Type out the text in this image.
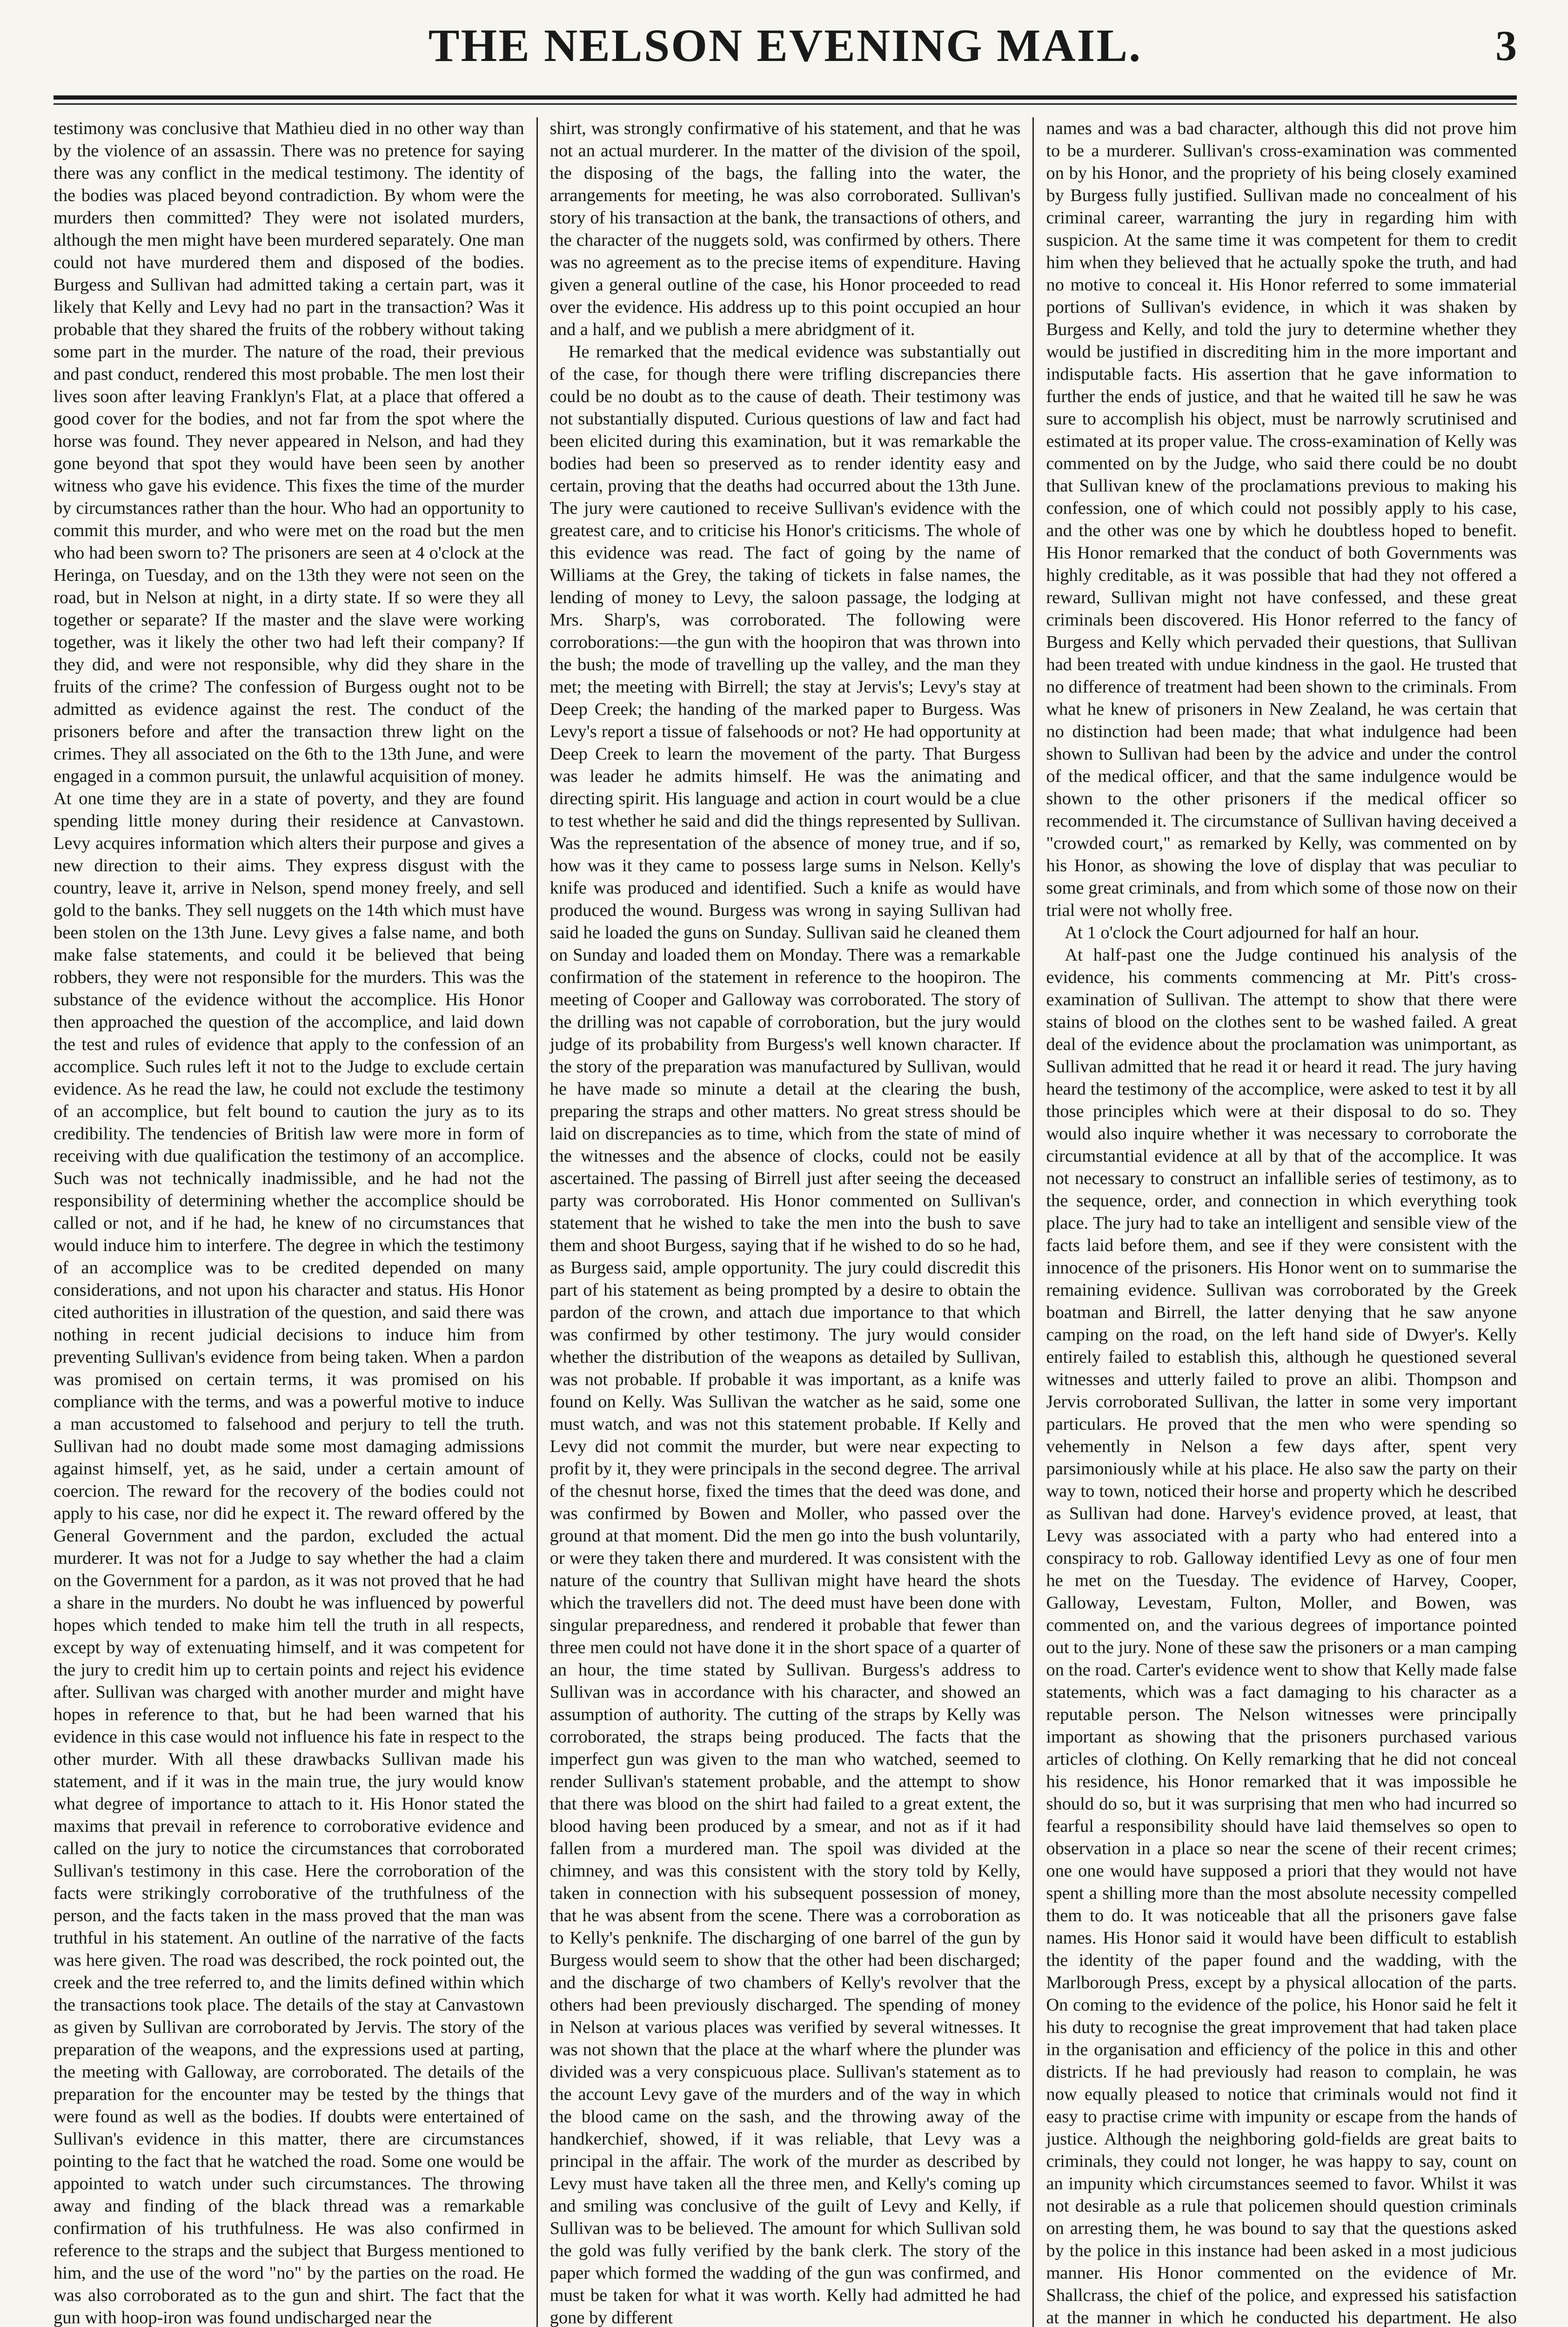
THE NELSON EVENING MAIL.	3

testimony was conclusive that Mathieu died in no other way than by the violence of an assassin. There was no pretence for saying there was any conflict in the medical testimony. The identity of the bodies was placed beyond contradiction. By whom were the murders then committed? They were not isolated murders, although the men might have been murdered separately. One man could not have murdered them and disposed of the bodies. Burgess and Sullivan had admitted taking a certain part, was it likely that Kelly and Levy had no part in the transaction? Was it probable that they shared the fruits of the robbery without taking some part in the murder. The nature of the road, their previous and past conduct, rendered this most probable. The men lost their lives soon after leaving Franklyn's Flat, at a place that offered a good cover for the bodies, and not far from the spot where the horse was found. They never appeared in Nelson, and had they gone beyond that spot they would have been seen by another witness who gave his evidence. This fixes the time of the murder by circumstances rather than the hour. Who had an opportunity to commit this murder, and who were met on the road but the men who had been sworn to? The prisoners are seen at 4 o'clock at the Heringa, on Tuesday, and on the 13th they were not seen on the road, but in Nelson at night, in a dirty state. If so were they all together or separate? If the master and the slave were working together, was it likely the other two had left their company? If they did, and were not responsible, why did they share in the fruits of the crime? The confession of Burgess ought not to be admitted as evidence against the rest. The conduct of the prisoners before and after the transaction threw light on the crimes. They all associated on the 6th to the 13th June, and were engaged in a common pursuit, the unlawful acquisition of money. At one time they are in a state of poverty, and they are found spending little money during their residence at Canvastown. Levy acquires information which alters their purpose and gives a new direction to their aims. They express disgust with the country, leave it, arrive in Nelson, spend money freely, and sell gold to the banks. They sell nuggets on the 14th which must have been stolen on the 13th June. Levy gives a false name, and both make false statements, and could it be believed that being robbers, they were not responsible for the murders. This was the substance of the evidence without the accomplice. His Honor then approached the question of the accomplice, and laid down the test and rules of evidence that apply to the confession of an accomplice. Such rules left it not to the Judge to exclude certain evidence. As he read the law, he could not exclude the testimony of an accomplice, but felt bound to caution the jury as to its credibility. The tendencies of British law were more in form of receiving with due qualification the testimony of an accomplice. Such was not technically inadmissible, and he had not the responsibility of determining whether the accomplice should be called or not, and if he had, he knew of no circumstances that would induce him to interfere. The degree in which the testimony of an accomplice was to be credited depended on many considerations, and not upon his character and status. His Honor cited authorities in illustration of the question, and said there was nothing in recent judicial decisions to induce him from preventing Sullivan's evidence from being taken. When a pardon was promised on certain terms, it was promised on his compliance with the terms, and was a powerful motive to induce a man accustomed to falsehood and perjury to tell the truth. Sullivan had no doubt made some most damaging admissions against himself, yet, as he said, under a certain amount of coercion. The reward for the recovery of the bodies could not apply to his case, nor did he expect it. The reward offered by the General Government and the pardon, excluded the actual murderer. It was not for a Judge to say whether the had a claim on the Government for a pardon, as it was not proved that he had a share in the murders. No doubt he was influenced by powerful hopes which tended to make him tell the truth in all respects, except by way of extenuating himself, and it was competent for the jury to credit him up to certain points and reject his evidence after. Sullivan was charged with another murder and might have hopes in reference to that, but he had been warned that his evidence in this case would not influence his fate in respect to the other murder. With all these drawbacks Sullivan made his statement, and if it was in the main true, the jury would know what degree of importance to attach to it. His Honor stated the maxims that prevail in reference to corroborative evidence and called on the jury to notice the circumstances that corroborated Sullivan's testimony in this case. Here the corroboration of the facts were strikingly corroborative of the truthfulness of the person, and the facts taken in the mass proved that the man was truthful in his statement. An outline of the narrative of the facts was here given. The road was described, the rock pointed out, the creek and the tree referred to, and the limits defined within which the transactions took place. The details of the stay at Canvastown as given by Sullivan are corroborated by Jervis. The story of the preparation of the weapons, and the expressions used at parting, the meeting with Galloway, are corroborated. The details of the preparation for the encounter may be tested by the things that were found as well as the bodies. If doubts were entertained of Sullivan's evidence in this matter, there are circumstances pointing to the fact that he watched the road. Some one would be appointed to watch under such circumstances. The throwing away and finding of the black thread was a remarkable confirmation of his truthfulness. He was also confirmed in reference to the straps and the subject that Burgess mentioned to him, and the use of the word "no" by the parties on the road. He was also corroborated as to the gun and shirt. The fact that the gun with hoop-iron was found undischarged near the

shirt, was strongly confirmative of his statement, and that he was not an actual murderer. In the matter of the division of the spoil, the disposing of the bags, the falling into the water, the arrangements for meeting, he was also corroborated. Sullivan's story of his transaction at the bank, the transactions of others, and the character of the nuggets sold, was confirmed by others. There was no agreement as to the precise items of expenditure. Having given a general outline of the case, his Honor proceeded to read over the evidence. His address up to this point occupied an hour and a half, and we publish a mere abridgment of it.

He remarked that the medical evidence was substantially out of the case, for though there were trifling discrepancies there could be no doubt as to the cause of death. Their testimony was not substantially disputed. Curious questions of law and fact had been elicited during this examination, but it was remarkable the bodies had been so preserved as to render identity easy and certain, proving that the deaths had occurred about the 13th June. The jury were cautioned to receive Sullivan's evidence with the greatest care, and to criticise his Honor's criticisms. The whole of this evidence was read. The fact of going by the name of Williams at the Grey, the taking of tickets in false names, the lending of money to Levy, the saloon passage, the lodging at Mrs. Sharp's, was corroborated. The following were corroborations:—the gun with the hoopiron that was thrown into the bush; the mode of travelling up the valley, and the man they met; the meeting with Birrell; the stay at Jervis's; Levy's stay at Deep Creek; the handing of the marked paper to Burgess. Was Levy's report a tissue of falsehoods or not? He had opportunity at Deep Creek to learn the movement of the party. That Burgess was leader he admits himself. He was the animating and directing spirit. His language and action in court would be a clue to test whether he said and did the things represented by Sullivan. Was the representation of the absence of money true, and if so, how was it they came to possess large sums in Nelson. Kelly's knife was produced and identified. Such a knife as would have produced the wound. Burgess was wrong in saying Sullivan had said he loaded the guns on Sunday. Sullivan said he cleaned them on Sunday and loaded them on Monday. There was a remarkable confirmation of the statement in reference to the hoopiron. The meeting of Cooper and Galloway was corroborated. The story of the drilling was not capable of corroboration, but the jury would judge of its probability from Burgess's well known character. If the story of the preparation was manufactured by Sullivan, would he have made so minute a detail at the clearing the bush, preparing the straps and other matters. No great stress should be laid on discrepancies as to time, which from the state of mind of the witnesses and the absence of clocks, could not be easily ascertained. The passing of Birrell just after seeing the deceased party was corroborated. His Honor commented on Sullivan's statement that he wished to take the men into the bush to save them and shoot Burgess, saying that if he wished to do so he had, as Burgess said, ample opportunity. The jury could discredit this part of his statement as being prompted by a desire to obtain the pardon of the crown, and attach due importance to that which was confirmed by other testimony. The jury would consider whether the distribution of the weapons as detailed by Sullivan, was not probable. If probable it was important, as a knife was found on Kelly. Was Sullivan the watcher as he said, some one must watch, and was not this statement probable. If Kelly and Levy did not commit the murder, but were near expecting to profit by it, they were principals in the second degree. The arrival of the chesnut horse, fixed the times that the deed was done, and was confirmed by Bowen and Moller, who passed over the ground at that moment. Did the men go into the bush voluntarily, or were they taken there and murdered. It was consistent with the nature of the country that Sullivan might have heard the shots which the travellers did not. The deed must have been done with singular preparedness, and rendered it probable that fewer than three men could not have done it in the short space of a quarter of an hour, the time stated by Sullivan. Burgess's address to Sullivan was in accordance with his character, and showed an assumption of authority. The cutting of the straps by Kelly was corroborated, the straps being produced. The facts that the imperfect gun was given to the man who watched, seemed to render Sullivan's statement probable, and the attempt to show that there was blood on the shirt had failed to a great extent, the blood having been produced by a smear, and not as if it had fallen from a murdered man. The spoil was divided at the chimney, and was this consistent with the story told by Kelly, taken in connection with his subsequent possession of money, that he was absent from the scene. There was a corroboration as to Kelly's penknife. The discharging of one barrel of the gun by Burgess would seem to show that the other had been discharged; and the discharge of two chambers of Kelly's revolver that the others had been previously discharged. The spending of money in Nelson at various places was verified by several witnesses. It was not shown that the place at the wharf where the plunder was divided was a very conspicuous place. Sullivan's statement as to the account Levy gave of the murders and of the way in which the blood came on the sash, and the throwing away of the handkerchief, showed, if it was reliable, that Levy was a principal in the affair. The work of the murder as described by Levy must have taken all the three men, and Kelly's coming up and smiling was conclusive of the guilt of Levy and Kelly, if Sullivan was to be believed. The amount for which Sullivan sold the gold was fully verified by the bank clerk. The story of the paper which formed the wadding of the gun was confirmed, and must be taken for what it was worth. Kelly had admitted he had gone by different

names and was a bad character, although this did not prove him to be a murderer. Sullivan's cross-examination was commented on by his Honor, and the propriety of his being closely examined by Burgess fully justified. Sullivan made no concealment of his criminal career, warranting the jury in regarding him with suspicion. At the same time it was competent for them to credit him when they believed that he actually spoke the truth, and had no motive to conceal it. His Honor referred to some immaterial portions of Sullivan's evidence, in which it was shaken by Burgess and Kelly, and told the jury to determine whether they would be justified in discrediting him in the more important and indisputable facts. His assertion that he gave information to further the ends of justice, and that he waited till he saw he was sure to accomplish his object, must be narrowly scrutinised and estimated at its proper value. The cross-examination of Kelly was commented on by the Judge, who said there could be no doubt that Sullivan knew of the proclamations previous to making his confession, one of which could not possibly apply to his case, and the other was one by which he doubtless hoped to benefit. His Honor remarked that the conduct of both Governments was highly creditable, as it was possible that had they not offered a reward, Sullivan might not have confessed, and these great criminals been discovered. His Honor referred to the fancy of Burgess and Kelly which pervaded their questions, that Sullivan had been treated with undue kindness in the gaol. He trusted that no difference of treatment had been shown to the criminals. From what he knew of prisoners in New Zealand, he was certain that no distinction had been made; that what indulgence had been shown to Sullivan had been by the advice and under the control of the medical officer, and that the same indulgence would be shown to the other prisoners if the medical officer so recommended it. The circumstance of Sullivan having deceived a "crowded court," as remarked by Kelly, was commented on by his Honor, as showing the love of display that was peculiar to some great criminals, and from which some of those now on their trial were not wholly free.

At 1 o'clock the Court adjourned for half an hour.

At half-past one the Judge continued his analysis of the evidence, his comments commencing at Mr. Pitt's cross-examination of Sullivan. The attempt to show that there were stains of blood on the clothes sent to be washed failed. A great deal of the evidence about the proclamation was unimportant, as Sullivan admitted that he read it or heard it read. The jury having heard the testimony of the accomplice, were asked to test it by all those principles which were at their disposal to do so. They would also inquire whether it was necessary to corroborate the circumstantial evidence at all by that of the accomplice. It was not necessary to construct an infallible series of testimony, as to the sequence, order, and connection in which everything took place. The jury had to take an intelligent and sensible view of the facts laid before them, and see if they were consistent with the innocence of the prisoners. His Honor went on to summarise the remaining evidence. Sullivan was corroborated by the Greek boatman and Birrell, the latter denying that he saw anyone camping on the road, on the left hand side of Dwyer's. Kelly entirely failed to establish this, although he questioned several witnesses and utterly failed to prove an alibi. Thompson and Jervis corroborated Sullivan, the latter in some very important particulars. He proved that the men who were spending so vehemently in Nelson a few days after, spent very parsimoniously while at his place. He also saw the party on their way to town, noticed their horse and property which he described as Sullivan had done. Harvey's evidence proved, at least, that Levy was associated with a party who had entered into a conspiracy to rob. Galloway identified Levy as one of four men he met on the Tuesday. The evidence of Harvey, Cooper, Galloway, Levestam, Fulton, Moller, and Bowen, was commented on, and the various degrees of importance pointed out to the jury. None of these saw the prisoners or a man camping on the road. Carter's evidence went to show that Kelly made false statements, which was a fact damaging to his character as a reputable person. The Nelson witnesses were principally important as showing that the prisoners purchased various articles of clothing. On Kelly remarking that he did not conceal his residence, his Honor remarked that it was impossible he should do so, but it was surprising that men who had incurred so fearful a responsibility should have laid themselves so open to observation in a place so near the scene of their recent crimes; one one would have supposed a priori that they would not have spent a shilling more than the most absolute necessity compelled them to do. It was noticeable that all the prisoners gave false names. His Honor said it would have been difficult to establish the identity of the paper found and the wadding, with the Marlborough Press, except by a physical allocation of the parts. On coming to the evidence of the police, his Honor said he felt it his duty to recognise the great improvement that had taken place in the organisation and efficiency of the police in this and other districts. If he had previously had reason to complain, he was now equally pleased to notice that criminals would not find it easy to practise crime with impunity or escape from the hands of justice. Although the neighboring gold-fields are great baits to criminals, they could not longer, he was happy to say, count on an impunity which circumstances seemed to favor. Whilst it was not desirable as a rule that policemen should question criminals on arresting them, he was bound to say that the questions asked by the police in this instance had been asked in a most judicious manner. His Honor commented on the evidence of Mr. Shallcrass, the chief of the police, and expressed his satisfaction at the manner in which he conducted his department. He also
